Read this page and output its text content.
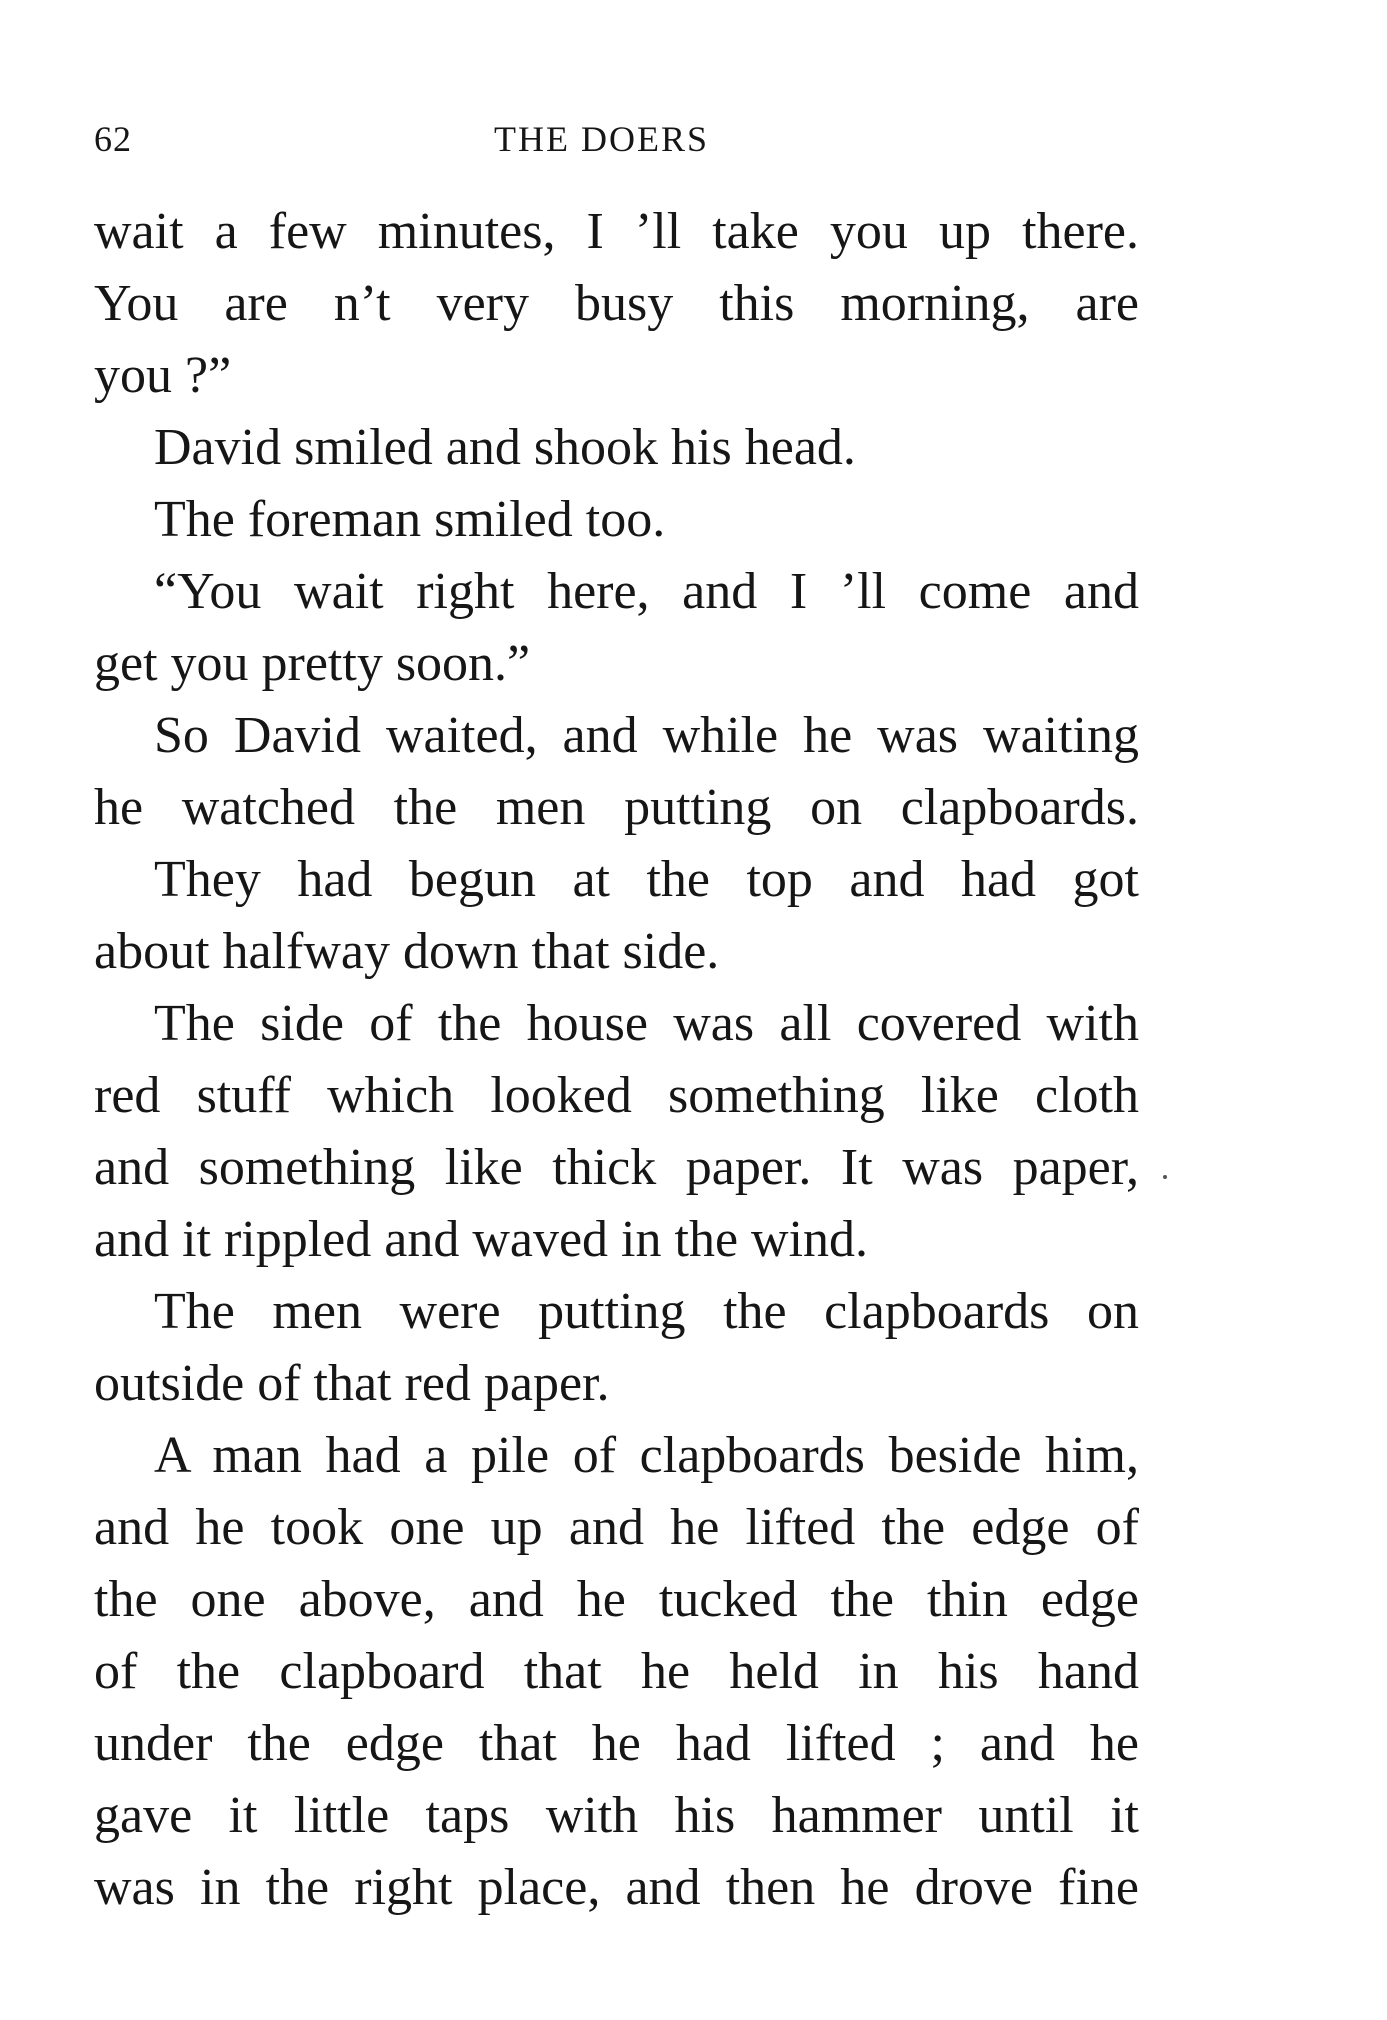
62	THE DOERS
wait a few minutes, I ’ll take you up there.
You are n’t very busy this morning, are
you ?”
David smiled and shook his head.
The foreman smiled too.
“You wait right here, and I ’ll come and
get you pretty soon.”
So David waited, and while he was waiting
he watched the men putting on clapboards.
They had begun at the top and had got
about halfway down that side.
The side of the house was all covered with
red stuff which looked something like cloth
and something like thick paper. It was paper,
and it rippled and waved in the wind.
The men were putting the clapboards on
outside of that red paper.
A man had a pile of clapboards beside him,
and he took one up and he lifted the edge of
the one above, and he tucked the thin edge
of the clapboard that he held in his hand
under the edge that he had lifted ; and he
gave it little taps with his hammer until it
was in the right place, and then he drove fine
